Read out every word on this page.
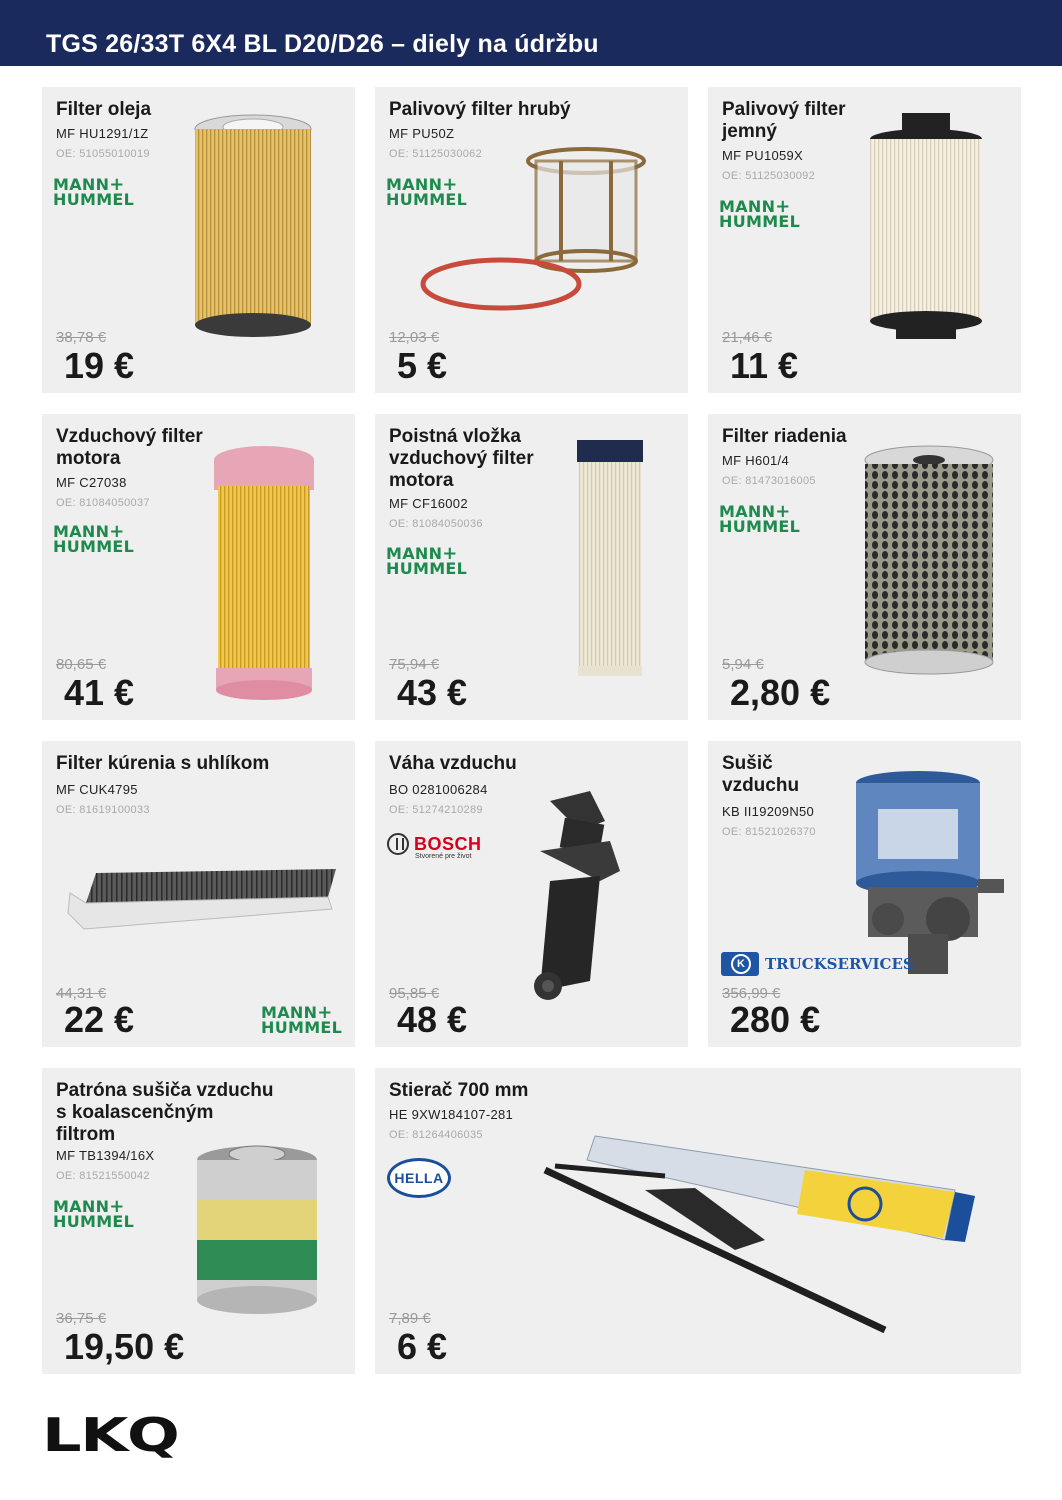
TGS 26/33T 6X4 BL D20/D26 – diely na údržbu
Filter oleja
MF HU1291/1Z
OE: 51055010019
MANN+
HUMMEL
38,78 €
19 €
Palivový filter hrubý
MF PU50Z
OE: 51125030062
MANN+
HUMMEL
12,03 €
5 €
Palivový filter
jemný
MF PU1059X
OE: 51125030092
MANN+
HUMMEL
21,46 €
11 €
Vzduchový filter
motora
MF C27038
OE: 81084050037
MANN+
HUMMEL
80,65 €
41 €
Poistná vložka
vzduchový filter
motora
MF CF16002
OE: 81084050036
MANN+
HUMMEL
75,94 €
43 €
Filter riadenia
MF H601/4
OE: 81473016005
MANN+
HUMMEL
5,94 €
2,80 €
Filter kúrenia s uhlíkom
MF CUK4795
OE: 81619100033
44,31 €
22 €	MANN+
HUMMEL
Váha vzduchu
BO 0281006284
OE: 51274210289
BOSCH
Stvorené pre život
95,85 €
48 €
Sušič
vzduchu
KB II19209N50
OE: 81521026370
K
TRUCKSERVICES
356,99 €
280 €
Patróna sušiča vzduchu
s koalascenčným
filtrom
MF TB1394/16X
OE: 81521550042
MANN+
HUMMEL
36,75 €
19,50 €
Stierač 700 mm
HE 9XW184107-281
OE: 81264406035
HELLA
7,89 €
6 €
LKQ
